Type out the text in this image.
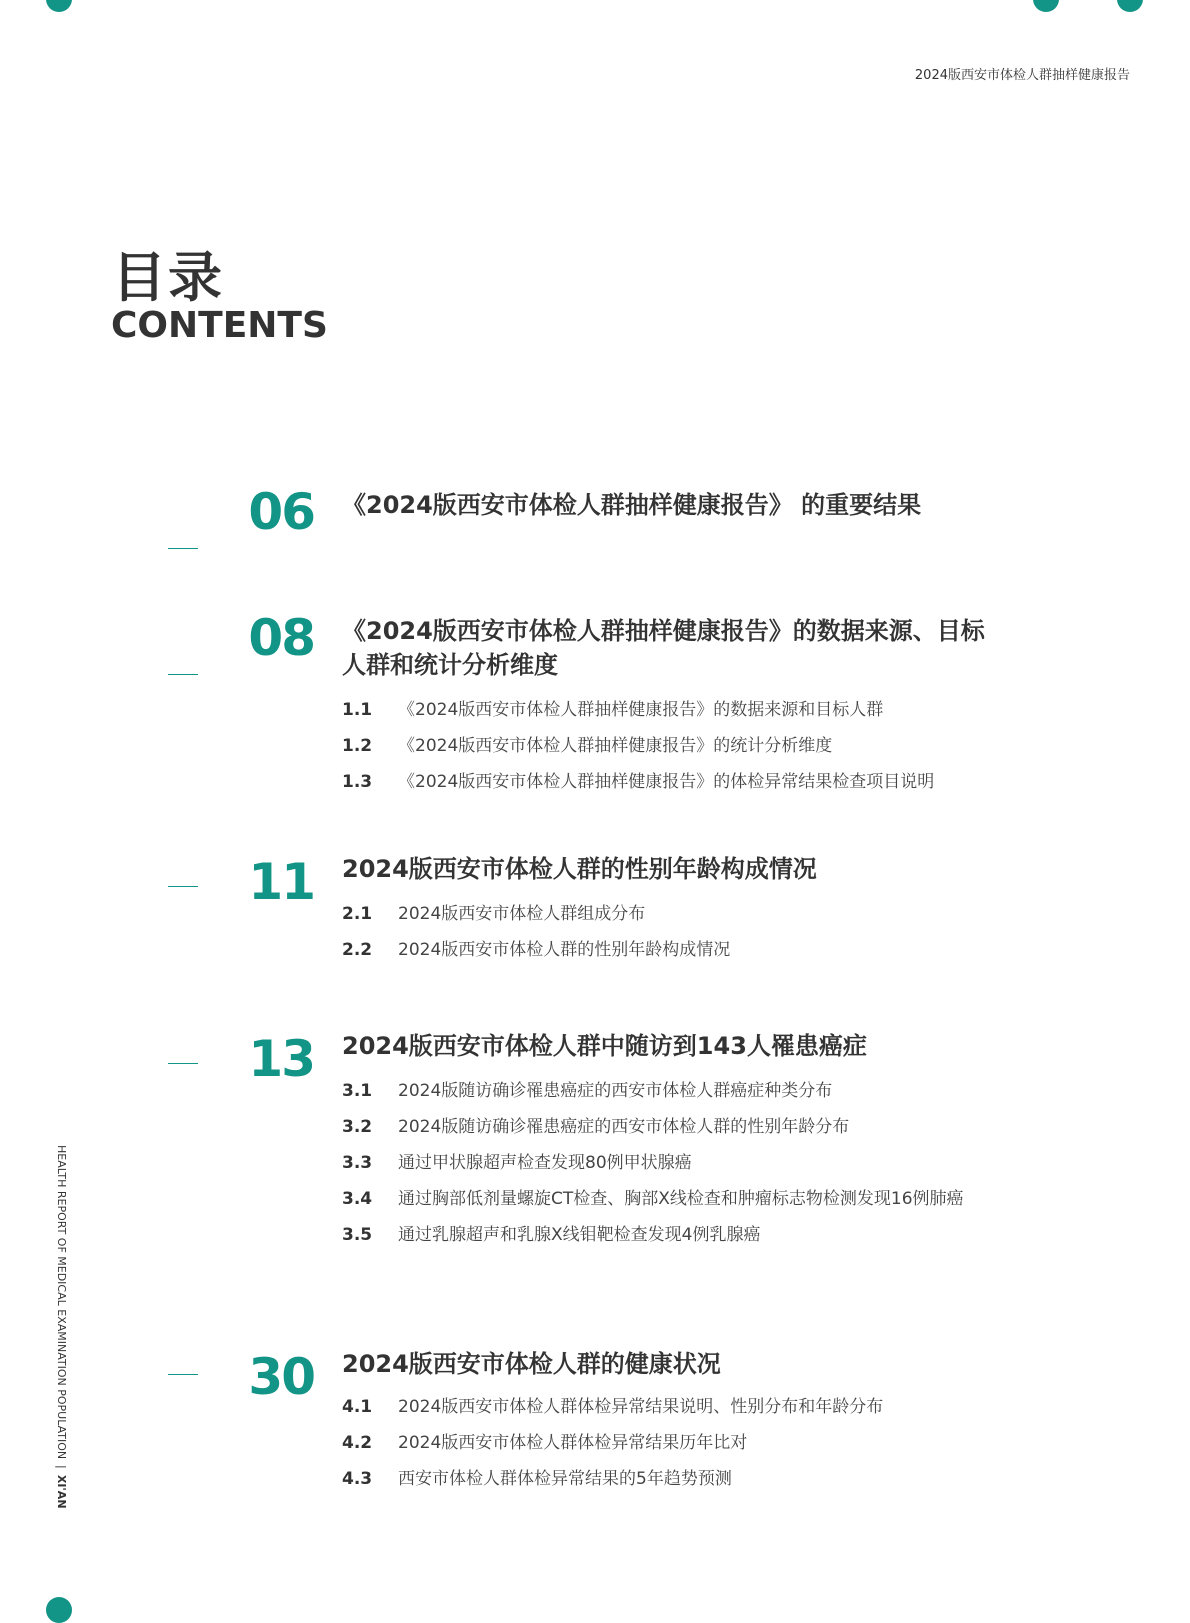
2024版西安市体检人群抽样健康报告
目录
CONTENTS
06 《2024版西安市体检人群抽样健康报告》 的重要结果
08 《2024版西安市体检人群抽样健康报告》的数据来源、目标人群和统计分析维度
1.1 《2024版西安市体检人群抽样健康报告》的数据来源和目标人群
1.2 《2024版西安市体检人群抽样健康报告》的统计分析维度
1.3 《2024版西安市体检人群抽样健康报告》的体检异常结果检查项目说明
11 2024版西安市体检人群的性别年龄构成情况
2.1 2024版西安市体检人群组成分布
2.2 2024版西安市体检人群的性别年龄构成情况
13 2024版西安市体检人群中随访到143人罹患癌症
3.1 2024版随访确诊罹患癌症的西安市体检人群癌症种类分布
3.2 2024版随访确诊罹患癌症的西安市体检人群的性别年龄分布
3.3 通过甲状腺超声检查发现80例甲状腺癌
3.4 通过胸部低剂量螺旋CT检查、胸部X线检查和肿瘤标志物检测发现16例肺癌
3.5 通过乳腺超声和乳腺X线钼靶检查发现4例乳腺癌
30 2024版西安市体检人群的健康状况
4.1 2024版西安市体检人群体检异常结果说明、性别分布和年龄分布
4.2 2024版西安市体检人群体检异常结果历年比对
4.3 西安市体检人群体检异常结果的5年趋势预测
HEALTH REPORT OF MEDICAL EXAMINATION POPULATION|XI'AN
